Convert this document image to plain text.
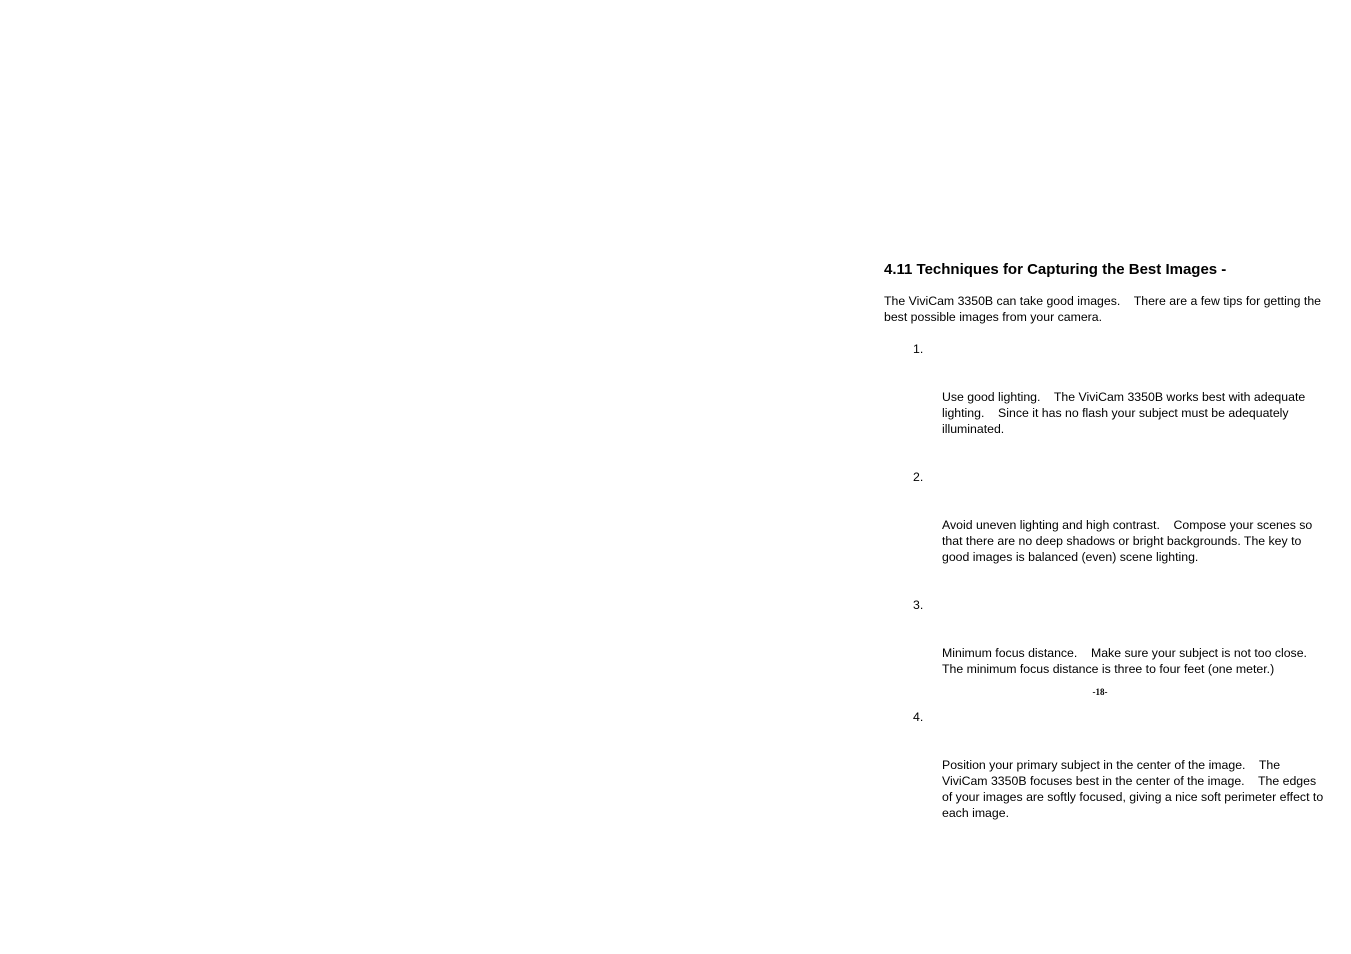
4.11 Techniques for Capturing the Best Images -

The ViviCam 3350B can take good images.    There are a few tips for getting the best possible images from your camera.

1.

Use good lighting.    The ViviCam 3350B works best with adequate lighting.    Since it has no flash your subject must be adequately illuminated.

2.

Avoid uneven lighting and high contrast.    Compose your scenes so that there are no deep shadows or bright backgrounds. The key to good images is balanced (even) scene lighting.

3.

Minimum focus distance.    Make sure your subject is not too close. The minimum focus distance is three to four feet (one meter.)

4.

Position your primary subject in the center of the image.    The ViviCam 3350B focuses best in the center of the image.    The edges of your images are softly focused, giving a nice soft perimeter effect to each image.

-18-
